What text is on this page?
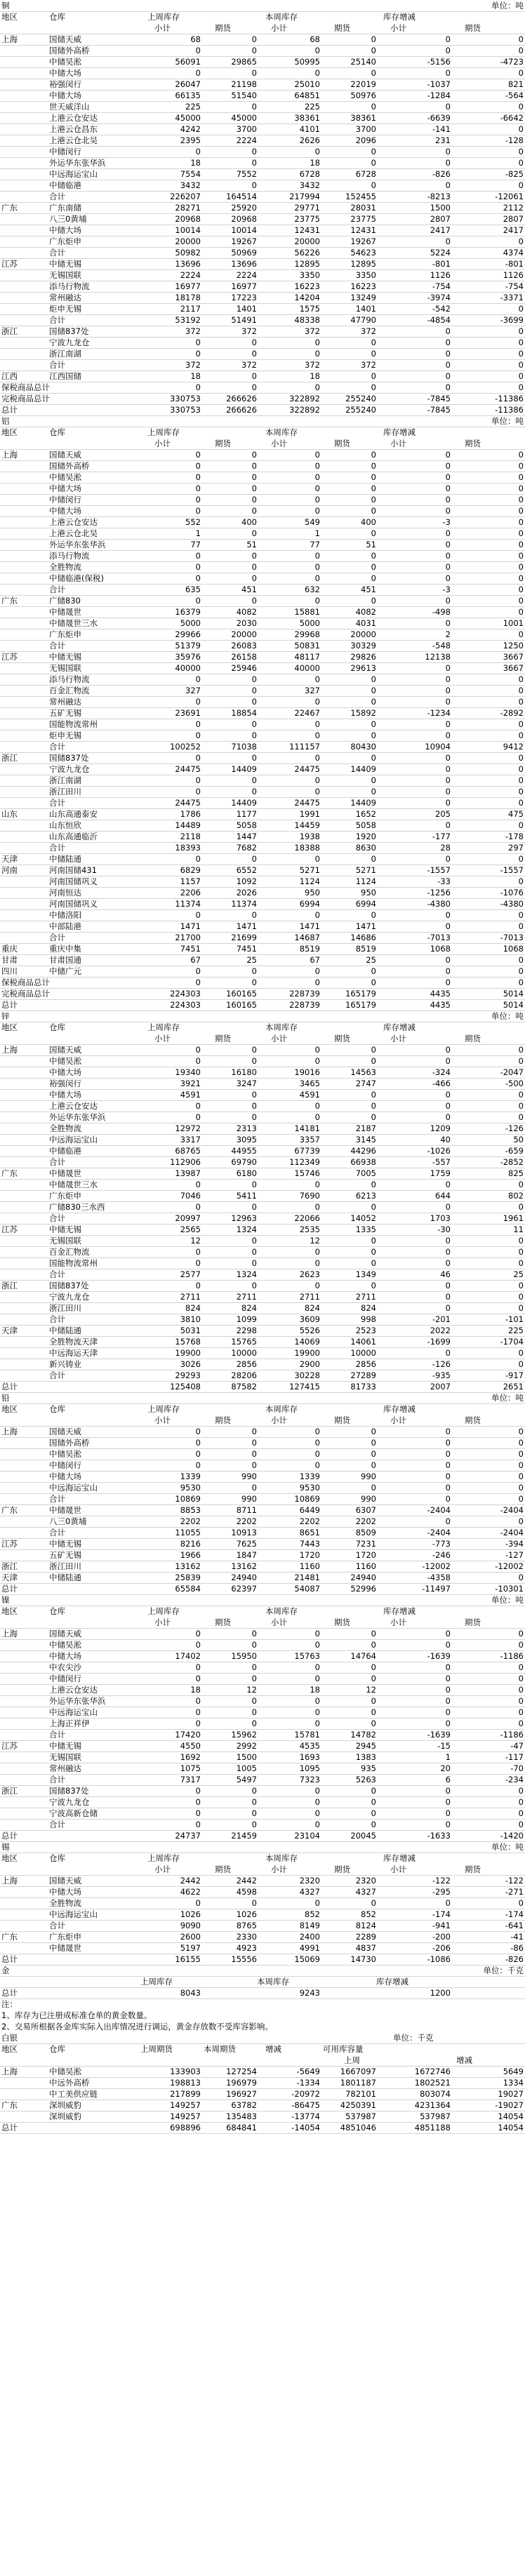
铜	单位：吨
地区	仓库	上周库存	本周库存	库存增减
小计	期货	小计	期货	小计	期货
上海	国储天威	68	0	68	0	0	0
国储外高桥	0	0	0	0	0	0
中储吴淞	56091	29865	50995	25140	-5156	-4723
中储大场	0	0	0	0	0	0
裕强闵行	26047	21198	25010	22019	-1037	821
中储大场	66135	51540	64851	50976	-1284	-564
世天威洋山	225	0	225	0	0	0
上港云仓安达	45000	45000	38361	38361	-6639	-6642
上港云仓昌东	4242	3700	4101	3700	-141	0
上港云仓北吴	2395	2224	2626	2096	231	-128
中储闵行	0	0	0	0	0	0
外运华东张华浜	18	0	18	0	0	0
中远海运宝山	7554	7552	6728	6728	-826	-825
中储临港	3432	0	3432	0	0	0
合计	226207	164514	217994	152455	-8213	-12061
广东	广东南储	28271	25920	29771	28031	1500	2112
八三0黄埔	20968	20968	23775	23775	2807	2807
中储大场	10014	10014	12431	12431	2417	2417
广东炬申	20000	19267	20000	19267	0	0
合计	50982	50969	56226	54623	5224	4374
江苏	中储无锡	13696	13696	12895	12895	-801	-801
无锡国联	2224	2224	3350	3350	1126	1126
添马行物流	16977	16977	16223	16223	-754	-754
常州融达	18178	17223	14204	13249	-3974	-3371
炬申无锡	2117	1401	1575	1401	-542	0
合计	53192	51491	48338	47790	-4854	-3699
浙江	国储837处	372	372	372	372	0	0
宁波九龙仓	0	0	0	0	0	0
浙江南湖	0	0	0	0	0	0
合计	372	372	372	372	0	0
江西	江西国储	18	0	18	0	0	0
保税商品总计	0	0	0	0	0	0
完税商品总计	330753	266626	322892	255240	-7845	-11386
总计	330753	266626	322892	255240	-7845	-11386
铝	单位：吨
地区	仓库	上周库存	本周库存	库存增减
小计	期货	小计	期货	小计	期货
上海	国储天威	0	0	0	0	0	0
国储外高桥	0	0	0	0	0	0
中储吴淞	0	0	0	0	0	0
中储大场	0	0	0	0	0	0
中储闵行	0	0	0	0	0	0
中储大场	0	0	0	0	0	0
上港云仓安达	552	400	549	400	-3	0
上港云仓北吴	1	0	1	0	0	0
外运华东张华浜	77	51	77	51	0	0
添马行物流	0	0	0	0	0	0
全胜物流	0	0	0	0	0	0
中储临港(保税)	0	0	0	0	0	0
合计	635	451	632	451	-3	0
广东	广储830	0	0	0	0	0	0
中储晟世	16379	4082	15881	4082	-498	0
中储晟世三水	5000	2030	5000	4031	0	1001
广东炬申	29966	20000	29968	20000	2	0
合计	51379	26083	50831	30329	-548	1250
江苏	中储无锡	35976	26158	48117	29826	12138	3667
无锡国联	40000	25946	40000	29613	0	3667
添马行物流	0	0	0	0	0	0
百金汇物流	327	0	327	0	0	0
常州融达	0	0	0	0	0	0
五矿无锡	23691	18854	22467	15892	-1234	-2892
国能物流常州	0	0	0	0	0	0
炬申无锡	0	0	0	0	0	0
合计	100252	71038	111157	80430	10904	9412
浙江	国储837处	0	0	0	0	0	0
宁波九龙仓	24475	14409	24475	14409	0	0
浙江南湖	0	0	0	0	0	0
浙江田川	0	0	0	0	0	0
合计	24475	14409	24475	14409	0	0
山东	山东高通泰安	1786	1177	1991	1652	205	475
山东恒欣	14489	5058	14459	5058	0	0
山东高通临沂	2118	1447	1938	1920	-177	-178
合计	18393	7682	18388	8630	28	297
天津	中储陆通	0	0	0	0	0	0
河南	河南国储431	6829	6552	5271	5271	-1557	-1557
河南国储巩义	1157	1092	1124	1124	-33	0
河南恒达	2206	2026	950	950	-1256	-1076
河南国储巩义	11374	11374	6994	6994	-4380	-4380
中储洛阳	0	0	0	0	0	0
中部陆港	1471	1471	1471	1471	0	0
合计	21700	21699	14687	14686	-7013	-7013
重庆	重庆中集	7451	7451	8519	8519	1068	1068
甘肃	甘肃国通	67	25	67	25	0	0
四川	中储广元	0	0	0	0	0	0
保税商品总计	0	0	0	0	0	0
完税商品总计	224303	160165	228739	165179	4435	5014
总计	224303	160165	228739	165179	4435	5014
锌	单位：吨
地区	仓库	上周库存	本周库存	库存增减
小计	期货	小计	期货	小计	期货
上海	国储天威	0	0	0	0	0	0
中储吴淞	0	0	0	0	0	0
中储大场	19340	16180	19016	14563	-324	-2047
裕强闵行	3921	3247	3465	2747	-466	-500
中储大场	4591	0	4591	0	0	0
上港云仓安达	0	0	0	0	0	0
外运华东张华浜	0	0	0	0	0	0
全胜物流	12972	2313	14181	2187	1209	-126
中远海运宝山	3317	3095	3357	3145	40	50
中储临港	68765	44955	67739	44296	-1026	-659
合计	112906	69790	112349	66938	-557	-2852
广东	中储晟世	13987	6180	15746	7005	1759	825
中储晟世三水	0	0	0	0	0	0
广东炬申	7046	5411	7690	6213	644	802
广储830三水西	0	0	0	0	0	0
合计	20997	12963	22066	14052	1703	1961
江苏	中储无锡	2565	1324	2535	1335	-30	11
无锡国联	12	0	12	0	0	0
百金汇物流	0	0	0	0	0	0
国能物流常州	0	0	0	0	0	0
合计	2577	1324	2623	1349	46	25
浙江	国储837处	0	0	0	0	0	0
宁波九龙仓	2711	2711	2711	2711	0	0
浙江田川	824	824	824	824	0	0
合计	3810	1099	3609	998	-201	-101
天津	中储陆通	5031	2298	5526	2523	2022	225
全胜物流天津	15768	15765	14069	14061	-1699	-1704
中远海运天津	19900	10000	19900	10000	0	0
新兴铸业	3026	2856	2900	2856	-126	0
合计	29293	28206	30228	27289	-935	-917
总计	125408	87582	127415	81733	2007	2651
铅	单位：吨
地区	仓库	上周库存	本周库存	库存增减
小计	期货	小计	期货	小计	期货
上海	国储天威	0	0	0	0	0	0
国储外高桥	0	0	0	0	0	0
中储吴淞	0	0	0	0	0	0
中储闵行	0	0	0	0	0	0
中储大场	1339	990	1339	990	0	0
中远海运宝山	9530	0	9530	0	0	0
合计	10869	990	10869	990	0	0
广东	中储晟世	8853	8711	6449	6307	-2404	-2404
八三0黄埔	2202	2202	2202	2202	0	0
合计	11055	10913	8651	8509	-2404	-2404
江苏	中储无锡	8216	7625	7443	7231	-773	-394
五矿无锡	1966	1847	1720	1720	-246	-127
浙江	浙江田川	13162	13162	1160	1160	-12002	-12002
天津	中储陆通	25839	24940	21481	24940	-4358	0
总计	65584	62397	54087	52996	-11497	-10301
镍	单位：吨
地区	仓库	上周库存	本周库存	库存增减
小计	期货	小计	期货	小计	期货
上海	国储天威	0	0	0	0	0	0
中储吴淞	0	0	0	0	0	0
中储大场	17402	15950	15763	14764	-1639	-1186
中农尖沙	0	0	0	0	0	0
中储闵行	0	0	0	0	0	0
上港云仓安达	18	12	18	12	0	0
外运华东张华浜	0	0	0	0	0	0
中远海运宝山	0	0	0	0	0	0
上海正祥伊	0	0	0	0	0	0
合计	17420	15962	15781	14782	-1639	-1186
江苏	中储无锡	4550	2992	4535	2945	-15	-47
无锡国联	1692	1500	1693	1383	1	-117
常州融达	1075	1005	1095	935	20	-70
合计	7317	5497	7323	5263	6	-234
浙江	国储837处	0	0	0	0	0	0
宁波九龙仓	0	0	0	0	0	0
宁波高新仓储	0	0	0	0	0	0
合计	0	0	0	0	0	0
总计	24737	21459	23104	20045	-1633	-1420
锡	单位：吨
地区	仓库	上周库存	本周库存	库存增减
小计	期货	小计	期货	小计	期货
上海	国储天威	2442	2442	2320	2320	-122	-122
中储大场	4622	4598	4327	4327	-295	-271
全胜物流	0	0	0	0	0	0
中远海运宝山	1026	1026	852	852	-174	-174
合计	9090	8765	8149	8124	-941	-641
广东	广东炬申	2600	2330	2400	2289	-200	-41
中储晟世	5197	4923	4991	4837	-206	-86
总计	16155	15556	15069	14730	-1086	-826
金	单位：千克
上周库存	本周库存	库存增减
总计	8043	9243	1200
注：
1、库存为已注册成标准仓单的黄金数量。
2、交易所根据各金库实际入出库情况进行调运，黄金存放数不受库容影响。
白银	单位：千克
地区	仓库	上周期货	本周期货	增减	可用库容量
上周	增减
上海	中储吴淞	133903	127254	-5649	1667097	1672746	5649
中远外高桥	198813	196979	-1334	1801187	1802521	1334
中工美供应链	217899	196927	-20972	782101	803074	19027
广东	深圳威豹	149257	63782	-86475	4250391	4231364	-19027
深圳威豹	149257	135483	-13774	537987	537987	14054
总计	698896	684841	-14054	4851046	4851188	14054
